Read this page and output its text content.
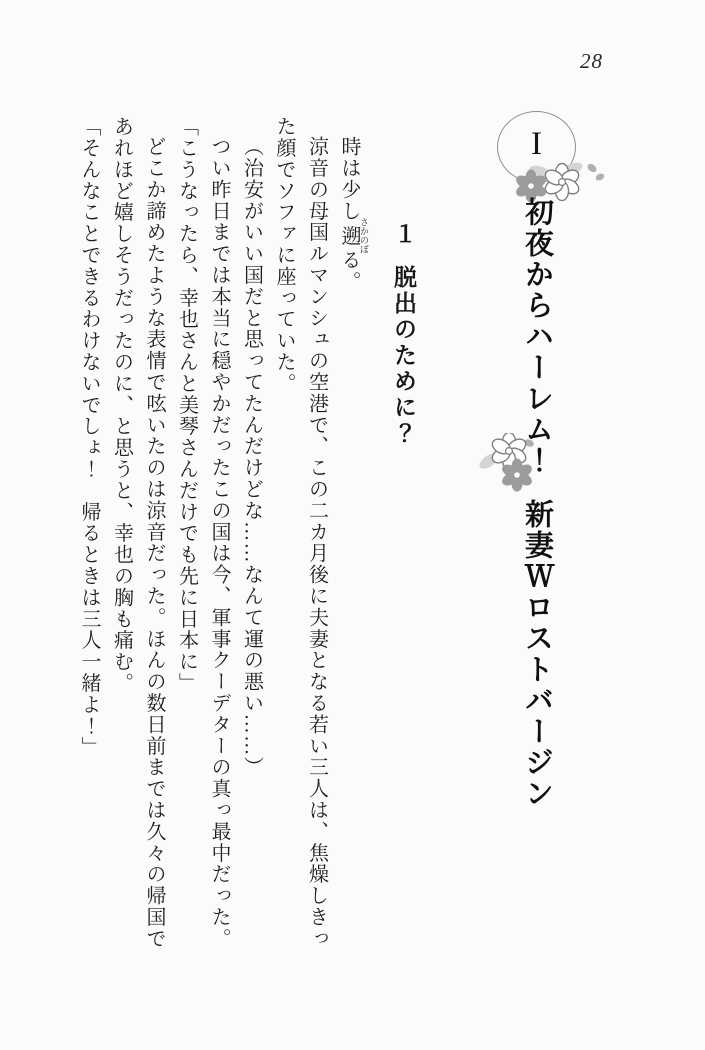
28
I
初夜からハーレム！ 新妻Ｗロストバージン
１ 脱出のために？

時は少し遡 さかのぼる。

涼音の母国ルマンシュの空港で、この二カ月後に夫妻となる若い三人は、焦燥しきった顔でソファに座っていた。

（治安がいい国だと思ってたんだけどな……なんて運の悪い……）

つい昨日までは本当に穏やかだったこの国は今、軍事クーデターの真っ最中だった。

「こうなったら、幸也さんと美琴さんだけでも先に日本に」

どこか諦めたような表情で呟いたのは涼音だった。ほんの数日前までは久々の帰国であれほど嬉しそうだったのに、と思うと、幸也の胸も痛む。

「そんなことできるわけないでしょ！　帰るときは三人一緒よ！」
